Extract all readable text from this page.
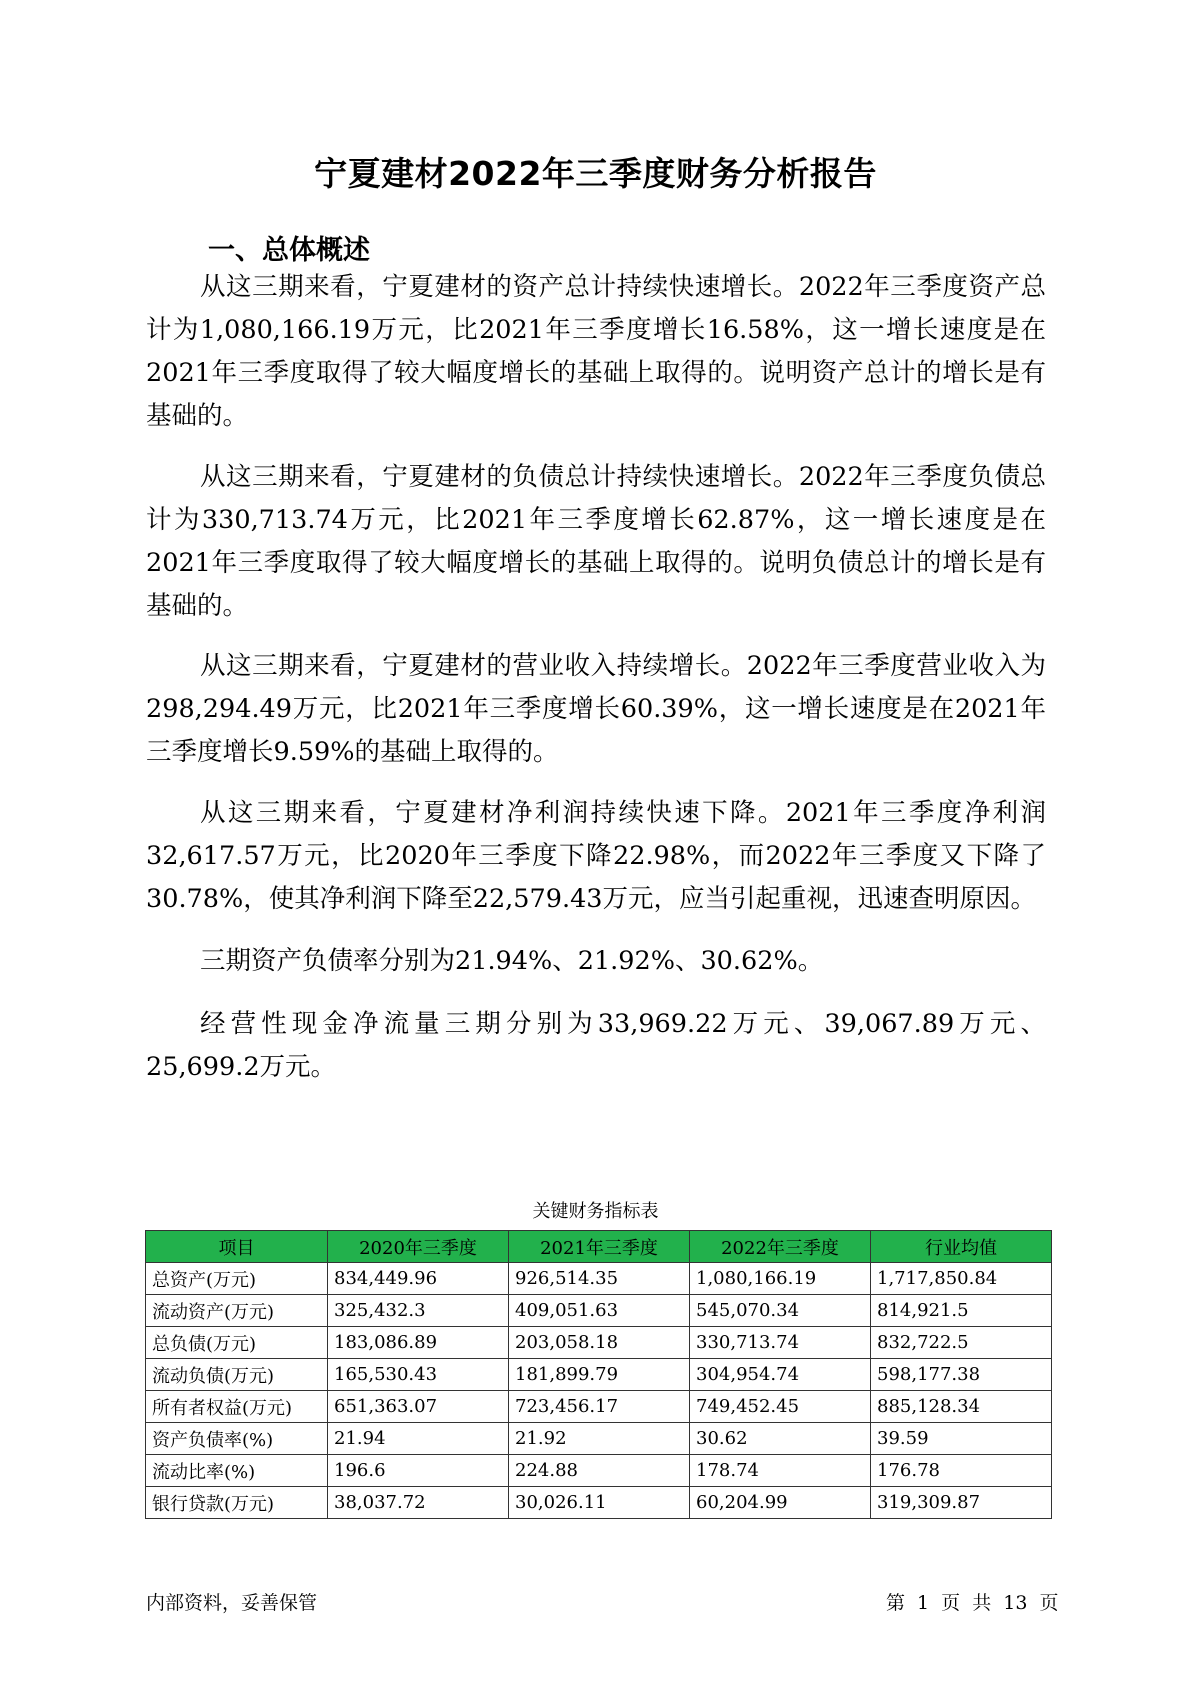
宁夏建材2022年三季度财务分析报告
一、总体概述

从这三期来看，宁夏建材的资产总计持续快速增长。2022年三季度资产总计为1,080,166.19万元，比2021年三季度增长16.58%，这一增长速度是在2021年三季度取得了较大幅度增长的基础上取得的。说明资产总计的增长是有基础的。

从这三期来看，宁夏建材的负债总计持续快速增长。2022年三季度负债总计为330,713.74万元，比2021年三季度增长62.87%，这一增长速度是在2021年三季度取得了较大幅度增长的基础上取得的。说明负债总计的增长是有基础的。

从这三期来看，宁夏建材的营业收入持续增长。2022年三季度营业收入为298,294.49万元，比2021年三季度增长60.39%，这一增长速度是在2021年三季度增长9.59%的基础上取得的。

从这三期来看，宁夏建材净利润持续快速下降。2021年三季度净利润32,617.57万元，比2020年三季度下降22.98%，而2022年三季度又下降了30.78%，使其净利润下降至22,579.43万元，应当引起重视，迅速查明原因。

三期资产负债率分别为21.94%、21.92%、30.62%。

经营性现金净流量三期分别为33,969.22万元、39,067.89万元、25,699.2万元。

关键财务指标表
项目	2020年三季度	2021年三季度	2022年三季度	行业均值
总资产(万元)	834,449.96	926,514.35	1,080,166.19	1,717,850.84
流动资产(万元)	325,432.3	409,051.63	545,070.34	814,921.5
总负债(万元)	183,086.89	203,058.18	330,713.74	832,722.5
流动负债(万元)	165,530.43	181,899.79	304,954.74	598,177.38
所有者权益(万元)	651,363.07	723,456.17	749,452.45	885,128.34
资产负债率(%)	21.94	21.92	30.62	39.59
流动比率(%)	196.6	224.88	178.74	176.78
银行贷款(万元)	38,037.72	30,026.11	60,204.99	319,309.87
内部资料，妥善保管	第 1 页 共 13 页
